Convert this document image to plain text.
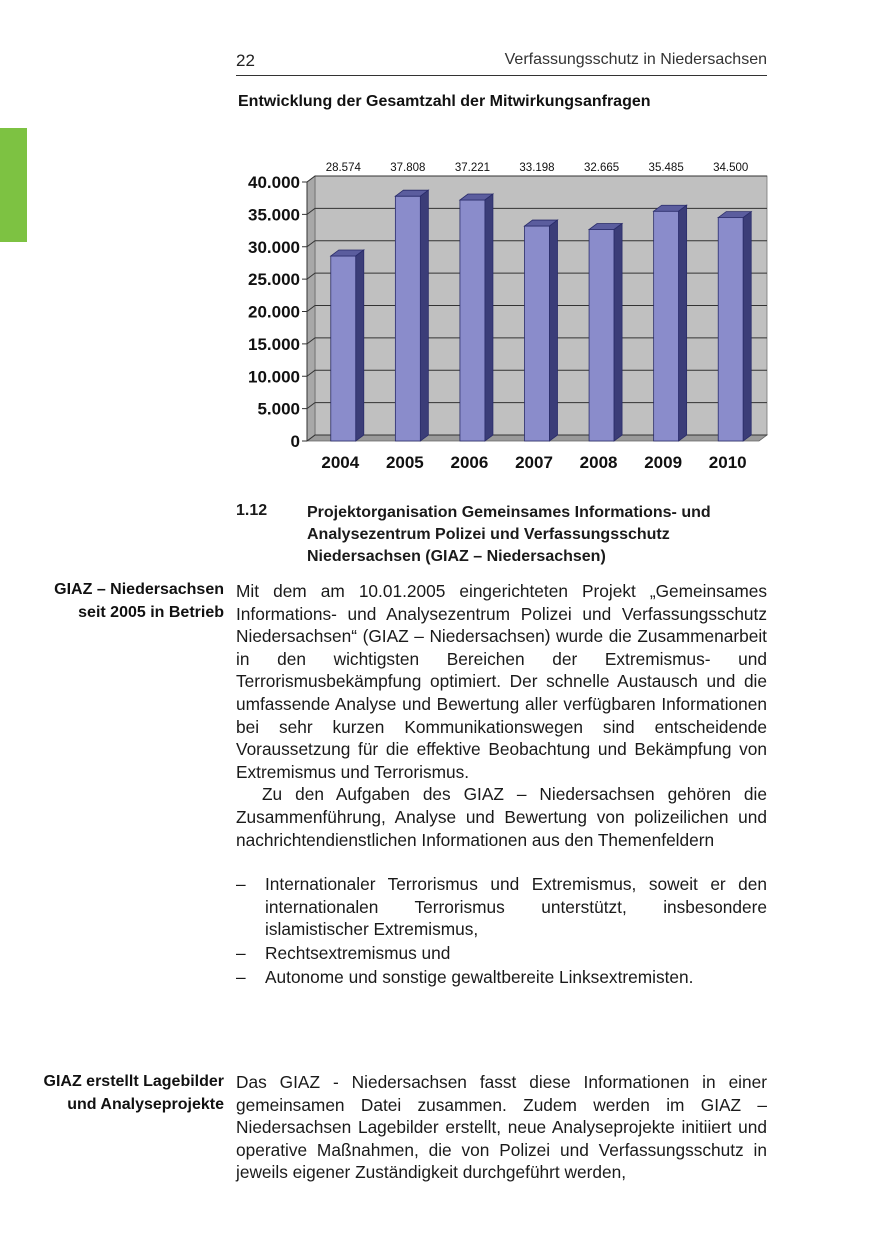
22	Verfassungsschutz in Niedersachsen
Entwicklung der Gesamtzahl der Mitwirkungsanfragen
0
5.000
10.000
15.000
20.000
25.000
30.000
35.000
40.000
28.574
2004
37.808
2005
37.221
2006
33.198
2007
32.665
2008
35.485
2009
34.500
2010
1.12 Projektorganisation Gemeinsames Informations- und Analysezentrum Polizei und Verfassungsschutz Niedersachsen (GIAZ – Niedersachsen)
GIAZ – Niedersachsen seit 2005 in Betrieb

Mit dem am 10.01.2005 eingerichteten Projekt „Gemeinsames Informations- und Analysezentrum Polizei und Verfassungsschutz Niedersachsen“ (GIAZ – Niedersachsen) wurde die Zusammenarbeit in den wichtigsten Bereichen der Extremismus- und Terrorismusbekämpfung optimiert. Der schnelle Austausch und die umfassende Analyse und Bewertung aller verfügbaren Informationen bei sehr kurzen Kommunikationswegen sind entscheidende Voraussetzung für die effektive Beobachtung und Bekämpfung von Extremismus und Terrorismus.

Zu den Aufgaben des GIAZ – Niedersachsen gehören die Zusammenführung, Analyse und Bewertung von polizeilichen und nachrichtendienstlichen Informationen aus den Themenfeldern

– Internationaler Terrorismus und Extremismus, soweit er den internationalen Terrorismus unterstützt, insbesondere islamistischer Extremismus,
– Rechtsextremismus und
– Autonome und sonstige gewaltbereite Linksextremisten.
GIAZ erstellt Lagebilder und Analyseprojekte

Das GIAZ - Niedersachsen fasst diese Informationen in einer gemeinsamen Datei zusammen. Zudem werden im GIAZ – Niedersachsen Lagebilder erstellt, neue Analyseprojekte initiiert und operative Maßnahmen, die von Polizei und Verfassungsschutz in jeweils eigener Zuständigkeit durchgeführt werden,
